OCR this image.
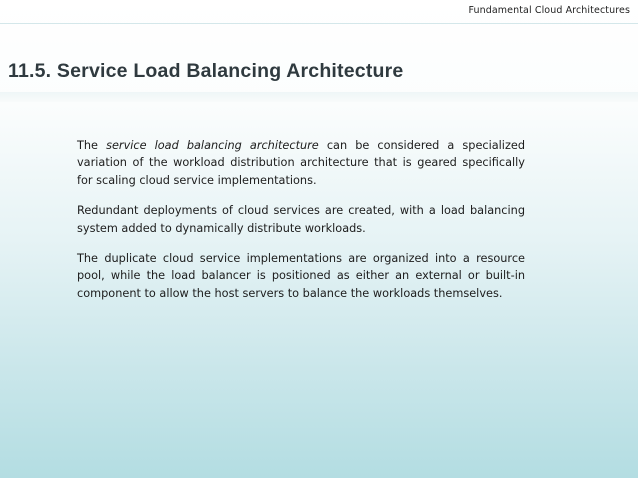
Fundamental Cloud Architectures
11.5. Service Load Balancing Architecture

The service load balancing architecture can be considered a specialized variation of the workload distribution architecture that is geared specifically for scaling cloud service implementations.

Redundant deployments of cloud services are created, with a load balancing system added to dynamically distribute workloads.

The duplicate cloud service implementations are organized into a resource pool, while the load balancer is positioned as either an external or built-in component to allow the host servers to balance the workloads themselves.
